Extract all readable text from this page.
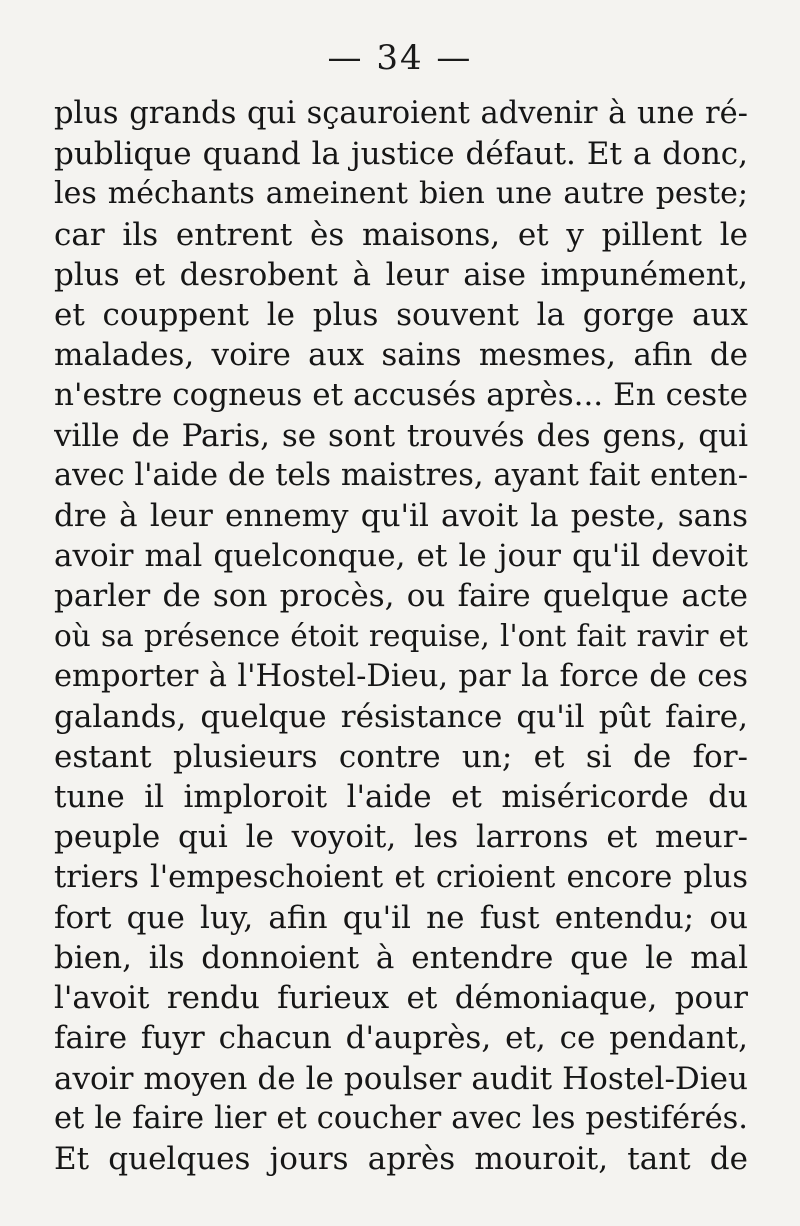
— 34 —
plus grands qui sçauroient advenir à une ré-
publique quand la justice défaut. Et a donc,
les méchants ameinent bien une autre peste;
car ils entrent ès maisons, et y pillent le
plus et desrobent à leur aise impunément,
et couppent le plus souvent la gorge aux
malades, voire aux sains mesmes, afin de
n'estre cogneus et accusés après... En ceste
ville de Paris, se sont trouvés des gens, qui
avec l'aide de tels maistres, ayant fait enten-
dre à leur ennemy qu'il avoit la peste, sans
avoir mal quelconque, et le jour qu'il devoit
parler de son procès, ou faire quelque acte
où sa présence étoit requise, l'ont fait ravir et
emporter à l'Hostel-Dieu, par la force de ces
galands, quelque résistance qu'il pût faire,
estant plusieurs contre un; et si de for-
tune il imploroit l'aide et miséricorde du
peuple qui le voyoit, les larrons et meur-
triers l'empeschoient et crioient encore plus
fort que luy, afin qu'il ne fust entendu; ou
bien, ils donnoient à entendre que le mal
l'avoit rendu furieux et démoniaque, pour
faire fuyr chacun d'auprès, et, ce pendant,
avoir moyen de le poulser audit Hostel-Dieu
et le faire lier et coucher avec les pestiférés.
Et quelques jours après mouroit, tant de
